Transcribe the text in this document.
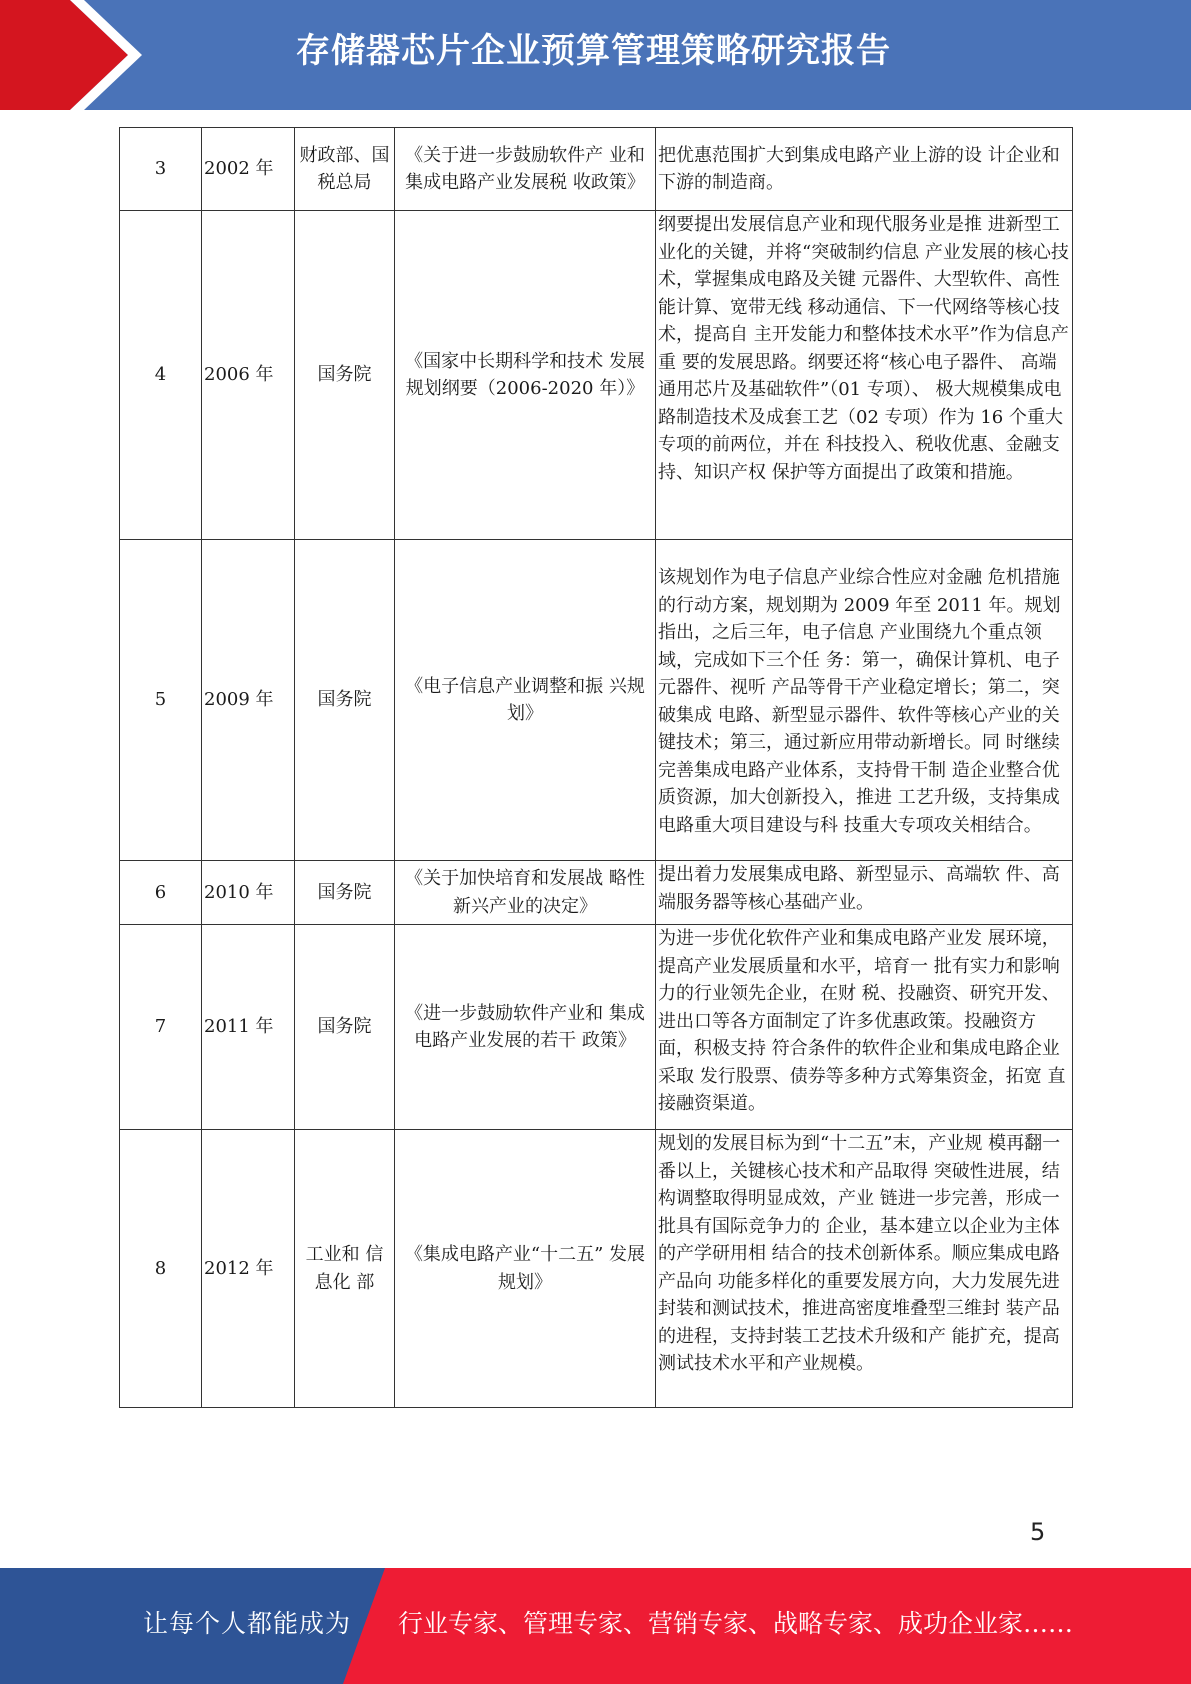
存储器芯片企业预算管理策略研究报告
3	2002 年	财政部、国税总局	《关于进一步鼓励软件产 业和集成电路产业发展税 收政策》	把优惠范围扩大到集成电路产业上游的设 计企业和下游的制造商。
4	2006 年	国务院	《国家中长期科学和技术 发展规划纲要（2006-2020 年）》	纲要提出发展信息产业和现代服务业是推 进新型工业化的关键，并将“突破制约信息 产业发展的核心技术，掌握集成电路及关键 元器件、大型软件、高性能计算、宽带无线 移动通信、下一代网络等核心技术，提高自 主开发能力和整体技术水平”作为信息产重 要的发展思路。纲要还将“核心电子器件、 高端通用芯片及基础软件”（01 专项）、 极大规模集成电路制造技术及成套工艺（02 专项）作为 16 个重大专项的前两位，并在 科技投入、税收优惠、金融支持、知识产权 保护等方面提出了政策和措施。
5	2009 年	国务院	《电子信息产业调整和振 兴规划》	该规划作为电子信息产业综合性应对金融 危机措施的行动方案，规划期为 2009 年至 2011 年。规划指出，之后三年，电子信息 产业围绕九个重点领域，完成如下三个任 务：第一，确保计算机、电子元器件、视听 产品等骨干产业稳定增长；第二，突破集成 电路、新型显示器件、软件等核心产业的关 键技术；第三，通过新应用带动新增长。同 时继续完善集成电路产业体系，支持骨干制 造企业整合优质资源，加大创新投入，推进 工艺升级，支持集成电路重大项目建设与科 技重大专项攻关相结合。
6	2010 年	国务院	《关于加快培育和发展战 略性新兴产业的决定》	提出着力发展集成电路、新型显示、高端软 件、高端服务器等核心基础产业。
7	2011 年	国务院	《进一步鼓励软件产业和 集成电路产业发展的若干 政策》	为进一步优化软件产业和集成电路产业发 展环境，提高产业发展质量和水平，培育一 批有实力和影响力的行业领先企业，在财 税、投融资、研究开发、进出口等各方面制定了许多优惠政策。投融资方面，积极支持 符合条件的软件企业和集成电路企业采取 发行股票、债券等多种方式筹集资金，拓宽 直接融资渠道。
8	2012 年	工业和 信息化 部	《集成电路产业“十二五” 发展规划》	规划的发展目标为到“十二五”末，产业规 模再翻一番以上，关键核心技术和产品取得 突破性进展，结构调整取得明显成效，产业 链进一步完善，形成一批具有国际竞争力的 企业，基本建立以企业为主体的产学研用相 结合的技术创新体系。顺应集成电路产品向 功能多样化的重要发展方向，大力发展先进 封装和测试技术，推进高密度堆叠型三维封 装产品的进程，支持封装工艺技术升级和产 能扩充，提高测试技术水平和产业规模。
5
让每个人都能成为 行业专家、管理专家、营销专家、战略专家、成功企业家……
